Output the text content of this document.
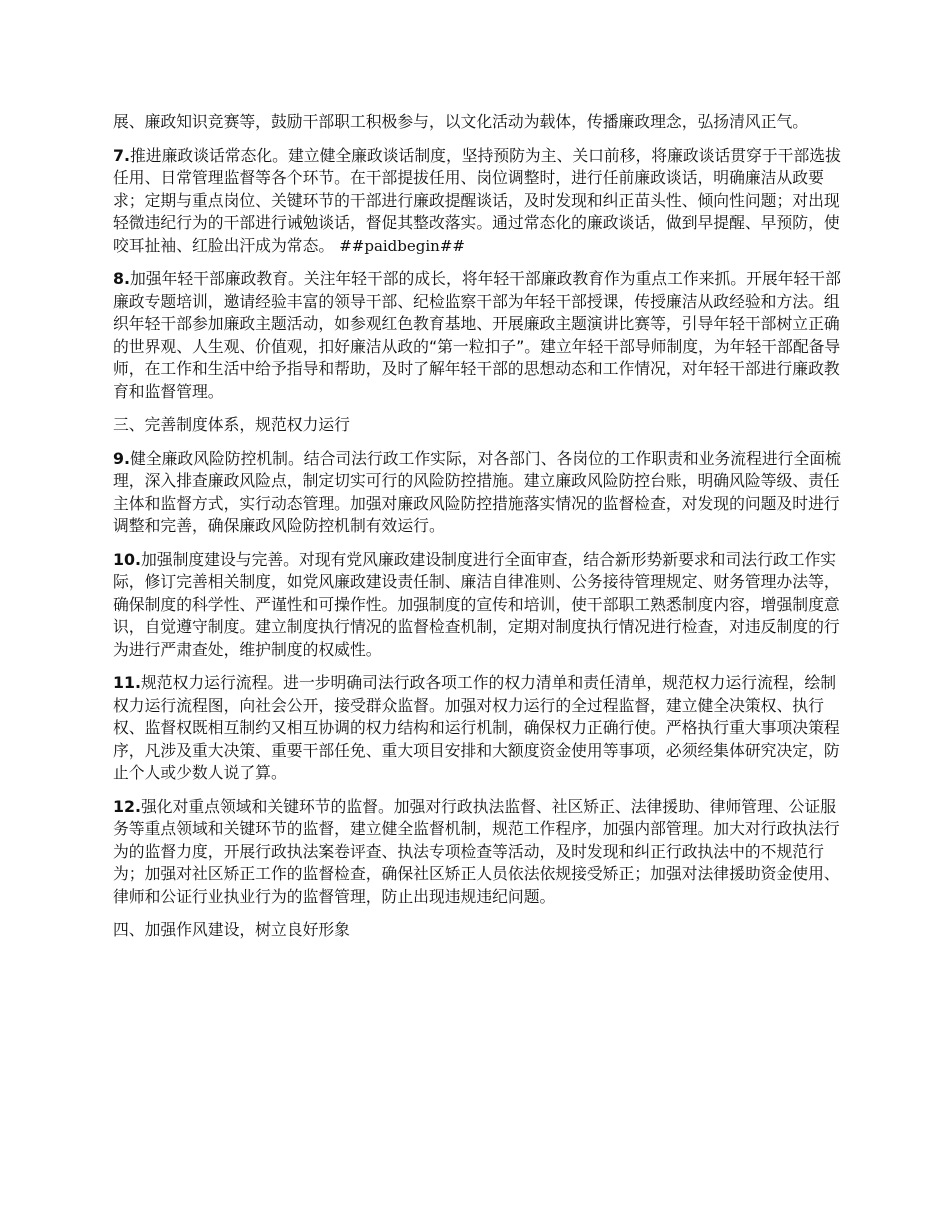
展、廉政知识竞赛等，鼓励干部职工积极参与，以文化活动为载体，传播廉政理念，弘扬清风正气。

7.推进廉政谈话常态化。建立健全廉政谈话制度，坚持预防为主、关口前移，将廉政谈话贯穿于干部选拔任用、日常管理监督等各个环节。在干部提拔任用、岗位调整时，进行任前廉政谈话，明确廉洁从政要求；定期与重点岗位、关键环节的干部进行廉政提醒谈话，及时发现和纠正苗头性、倾向性问题；对出现轻微违纪行为的干部进行诫勉谈话，督促其整改落实。通过常态化的廉政谈话，做到早提醒、早预防，使咬耳扯袖、红脸出汗成为常态。 ##paidbegin##

8.加强年轻干部廉政教育。关注年轻干部的成长，将年轻干部廉政教育作为重点工作来抓。开展年轻干部廉政专题培训，邀请经验丰富的领导干部、纪检监察干部为年轻干部授课，传授廉洁从政经验和方法。组织年轻干部参加廉政主题活动，如参观红色教育基地、开展廉政主题演讲比赛等，引导年轻干部树立正确的世界观、人生观、价值观，扣好廉洁从政的“第一粒扣子”。建立年轻干部导师制度，为年轻干部配备导师，在工作和生活中给予指导和帮助，及时了解年轻干部的思想动态和工作情况，对年轻干部进行廉政教育和监督管理。

三、完善制度体系，规范权力运行

9.健全廉政风险防控机制。结合司法行政工作实际，对各部门、各岗位的工作职责和业务流程进行全面梳理，深入排查廉政风险点，制定切实可行的风险防控措施。建立廉政风险防控台账，明确风险等级、责任主体和监督方式，实行动态管理。加强对廉政风险防控措施落实情况的监督检查，对发现的问题及时进行调整和完善，确保廉政风险防控机制有效运行。

10.加强制度建设与完善。对现有党风廉政建设制度进行全面审查，结合新形势新要求和司法行政工作实际，修订完善相关制度，如党风廉政建设责任制、廉洁自律准则、公务接待管理规定、财务管理办法等，确保制度的科学性、严谨性和可操作性。加强制度的宣传和培训，使干部职工熟悉制度内容，增强制度意识，自觉遵守制度。建立制度执行情况的监督检查机制，定期对制度执行情况进行检查，对违反制度的行为进行严肃查处，维护制度的权威性。

11.规范权力运行流程。进一步明确司法行政各项工作的权力清单和责任清单，规范权力运行流程，绘制权力运行流程图，向社会公开，接受群众监督。加强对权力运行的全过程监督，建立健全决策权、执行权、监督权既相互制约又相互协调的权力结构和运行机制，确保权力正确行使。严格执行重大事项决策程序，凡涉及重大决策、重要干部任免、重大项目安排和大额度资金使用等事项，必须经集体研究决定，防止个人或少数人说了算。

12.强化对重点领域和关键环节的监督。加强对行政执法监督、社区矫正、法律援助、律师管理、公证服务等重点领域和关键环节的监督，建立健全监督机制，规范工作程序，加强内部管理。加大对行政执法行为的监督力度，开展行政执法案卷评查、执法专项检查等活动，及时发现和纠正行政执法中的不规范行为；加强对社区矫正工作的监督检查，确保社区矫正人员依法依规接受矫正；加强对法律援助资金使用、律师和公证行业执业行为的监督管理，防止出现违规违纪问题。

四、加强作风建设，树立良好形象
